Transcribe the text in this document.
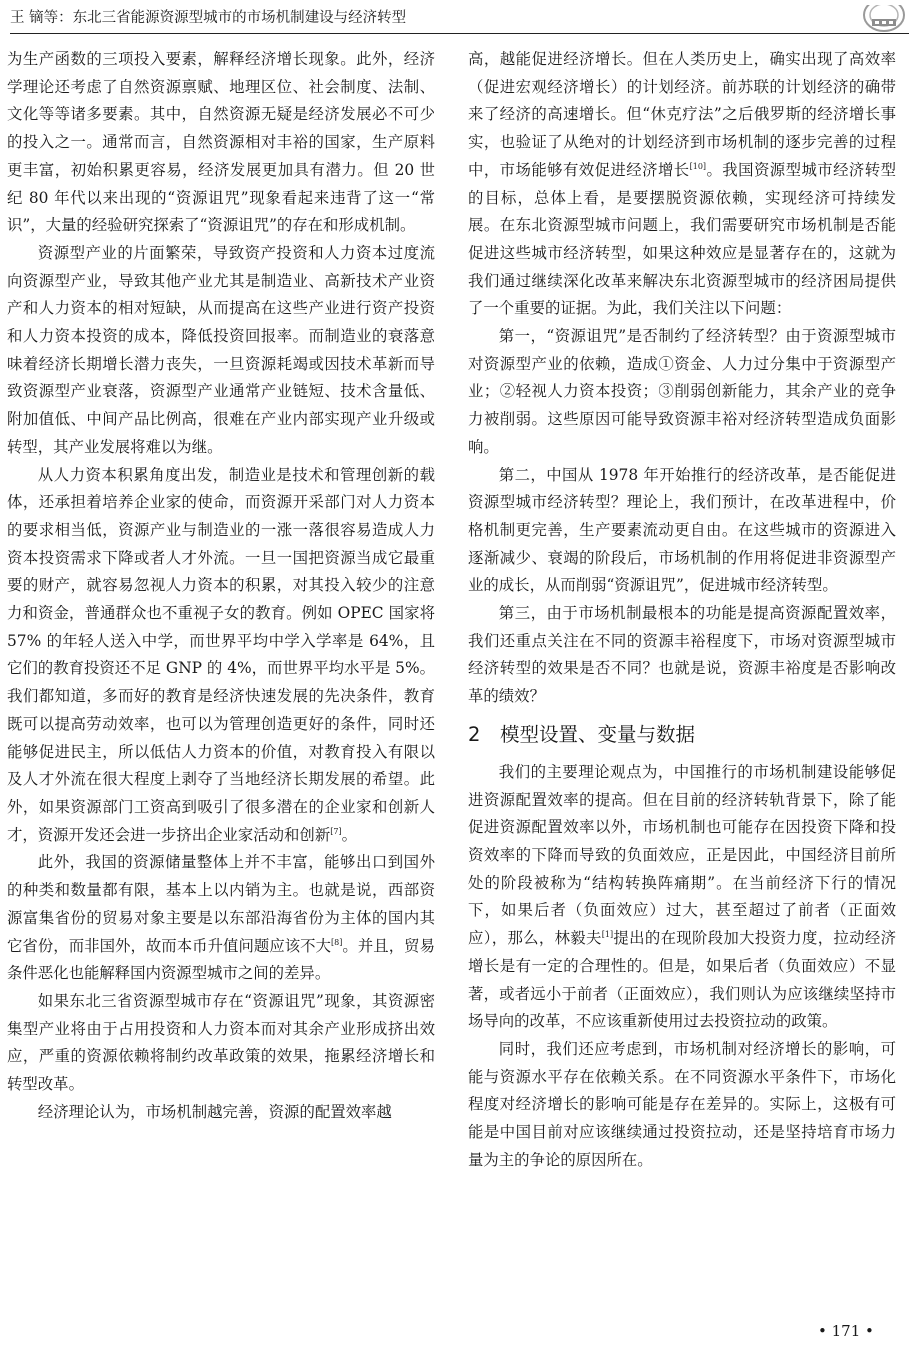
王 镝等：东北三省能源资源型城市的市场机制建设与经济转型

为生产函数的三项投入要素，解释经济增长现象。此外，经济学理论还考虑了自然资源禀赋、地理区位、社会制度、法制、文化等等诸多要素。其中，自然资源无疑是经济发展必不可少的投入之一。通常而言，自然资源相对丰裕的国家，生产原料更丰富，初始积累更容易，经济发展更加具有潜力。但 20 世纪 80 年代以来出现的“资源诅咒”现象看起来违背了这一“常识”，大量的经验研究探索了“资源诅咒”的存在和形成机制。

资源型产业的片面繁荣，导致资产投资和人力资本过度流向资源型产业，导致其他产业尤其是制造业、高新技术产业资产和人力资本的相对短缺，从而提高在这些产业进行资产投资和人力资本投资的成本，降低投资回报率。而制造业的衰落意味着经济长期增长潜力丧失，一旦资源耗竭或因技术革新而导致资源型产业衰落，资源型产业通常产业链短、技术含量低、附加值低、中间产品比例高，很难在产业内部实现产业升级或转型，其产业发展将难以为继。

从人力资本积累角度出发，制造业是技术和管理创新的载体，还承担着培养企业家的使命，而资源开采部门对人力资本的要求相当低，资源产业与制造业的一涨一落很容易造成人力资本投资需求下降或者人才外流。一旦一国把资源当成它最重要的财产，就容易忽视人力资本的积累，对其投入较少的注意力和资金，普通群众也不重视子女的教育。例如 OPEC 国家将 57% 的年轻人送入中学，而世界平均中学入学率是 64%，且它们的教育投资还不足 GNP 的 4%，而世界平均水平是 5%。我们都知道，多而好的教育是经济快速发展的先决条件，教育既可以提高劳动效率，也可以为管理创造更好的条件，同时还能够促进民主，所以低估人力资本的价值，对教育投入有限以及人才外流在很大程度上剥夺了当地经济长期发展的希望。此外，如果资源部门工资高到吸引了很多潜在的企业家和创新人才，资源开发还会进一步挤出企业家活动和创新[7]。

此外，我国的资源储量整体上并不丰富，能够出口到国外的种类和数量都有限，基本上以内销为主。也就是说，西部资源富集省份的贸易对象主要是以东部沿海省份为主体的国内其它省份，而非国外，故而本币升值问题应该不大[8]。并且，贸易条件恶化也能解释国内资源型城市之间的差异。

如果东北三省资源型城市存在“资源诅咒”现象，其资源密集型产业将由于占用投资和人力资本而对其余产业形成挤出效应，严重的资源依赖将制约改革政策的效果，拖累经济增长和转型改革。

经济理论认为，市场机制越完善，资源的配置效率越

高，越能促进经济增长。但在人类历史上，确实出现了高效率（促进宏观经济增长）的计划经济。前苏联的计划经济的确带来了经济的高速增长。但“休克疗法”之后俄罗斯的经济增长事实，也验证了从绝对的计划经济到市场机制的逐步完善的过程中，市场能够有效促进经济增长[10]。我国资源型城市经济转型的目标，总体上看，是要摆脱资源依赖，实现经济可持续发展。在东北资源型城市问题上，我们需要研究市场机制是否能促进这些城市经济转型，如果这种效应是显著存在的，这就为我们通过继续深化改革来解决东北资源型城市的经济困局提供了一个重要的证据。为此，我们关注以下问题：

第一，“资源诅咒”是否制约了经济转型？由于资源型城市对资源型产业的依赖，造成①资金、人力过分集中于资源型产业；②轻视人力资本投资；③削弱创新能力，其余产业的竞争力被削弱。这些原因可能导致资源丰裕对经济转型造成负面影响。

第二，中国从 1978 年开始推行的经济改革，是否能促进资源型城市经济转型？理论上，我们预计，在改革进程中，价格机制更完善，生产要素流动更自由。在这些城市的资源进入逐渐减少、衰竭的阶段后，市场机制的作用将促进非资源型产业的成长，从而削弱“资源诅咒”，促进城市经济转型。

第三，由于市场机制最根本的功能是提高资源配置效率，我们还重点关注在不同的资源丰裕程度下，市场对资源型城市经济转型的效果是否不同？也就是说，资源丰裕度是否影响改革的绩效？

2 模型设置、变量与数据

我们的主要理论观点为，中国推行的市场机制建设能够促进资源配置效率的提高。但在目前的经济转轨背景下，除了能促进资源配置效率以外，市场机制也可能存在因投资下降和投资效率的下降而导致的负面效应，正是因此，中国经济目前所处的阶段被称为“结构转换阵痛期”。在当前经济下行的情况下，如果后者（负面效应）过大，甚至超过了前者（正面效应），那么，林毅夫[1]提出的在现阶段加大投资力度，拉动经济增长是有一定的合理性的。但是，如果后者（负面效应）不显著，或者远小于前者（正面效应），我们则认为应该继续坚持市场导向的改革，不应该重新使用过去投资拉动的政策。

同时，我们还应考虑到，市场机制对经济增长的影响，可能与资源水平存在依赖关系。在不同资源水平条件下，市场化程度对经济增长的影响可能是存在差异的。实际上，这极有可能是中国目前对应该继续通过投资拉动，还是坚持培育市场力量为主的争论的原因所在。

• 171 •
